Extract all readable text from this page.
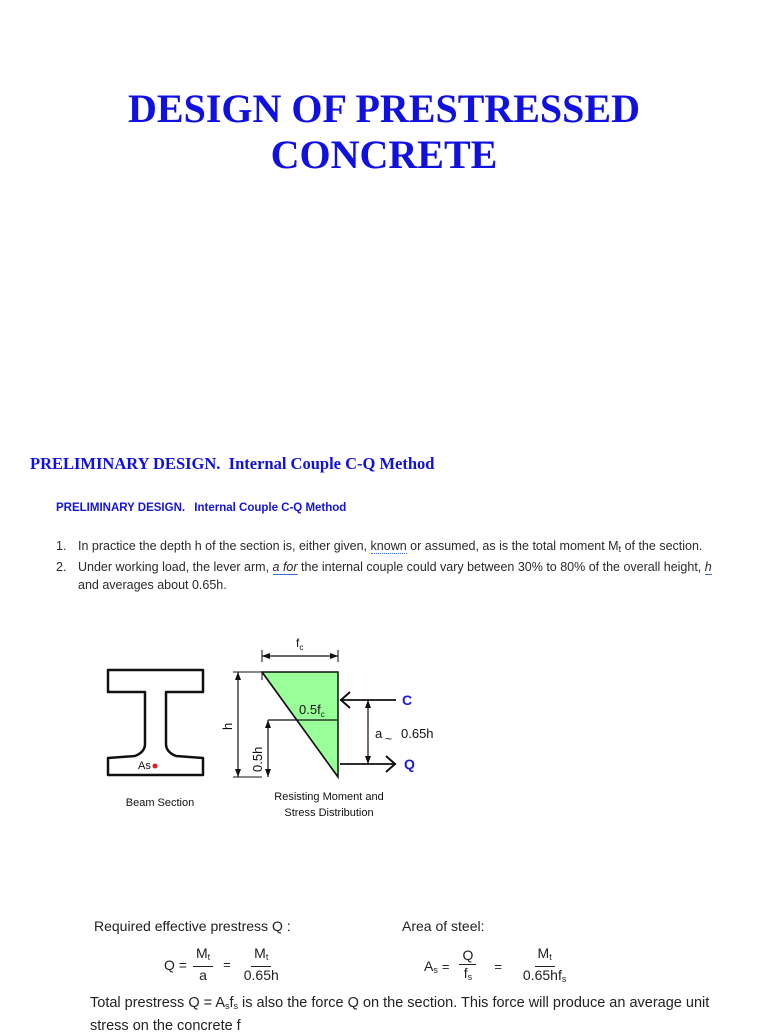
DESIGN OF PRESTRESSED
CONCRETE
PRELIMINARY DESIGN. Internal Couple C-Q Method
PRELIMINARY DESIGN. Internal Couple C-Q Method
1. In practice the depth h of the section is, either given, known or assumed, as is the total moment $M_t$ of the section.
2. Under working load, the lever arm, a for the internal couple could vary between 30% to 80% of the overall height, h and averages about 0.65h.
As
Beam Section
h
0.5h
$0.5f_c$
$f_c$
C
Q
a ~ 0.65h
Resisting Moment and
Stress Distribution
Required effective prestress Q :	Area of steel:
$Q = \frac{M_t}{a} = \frac{M_t}{0.65h}$	$A_s = \frac{Q}{f_s} = \frac{M_t}{0.65hf_s}$
Total prestress $Q = A_sf_s$ is also the force Q on the section. This force will produce an average unit stress on the concrete f
